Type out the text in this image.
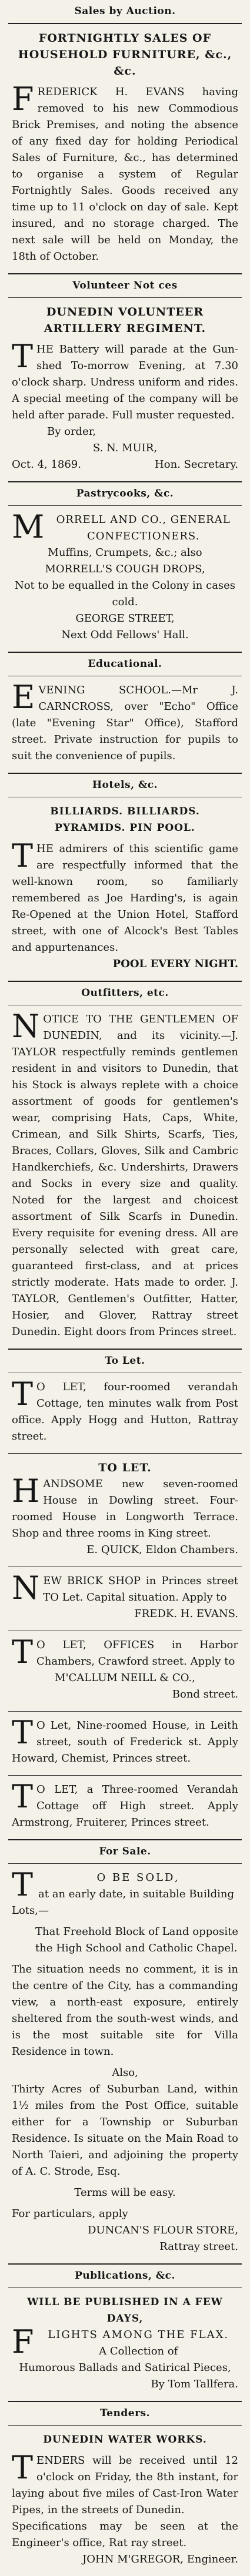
Sales by Auction.
FORTNIGHTLY SALES OF HOUSEHOLD FURNITURE, &c., &c.

FREDERICK H. EVANS having removed to his new Commodious Brick Premises, and noting the absence of any fixed day for holding Periodical Sales of Furniture, &c., has determined to organise a system of Regular Fortnightly Sales. Goods received any time up to 11 o'clock on day of sale. Kept insured, and no storage charged. The next sale will be held on Monday, the 18th of October.

Volunteer Not ces
DUNEDIN VOLUNTEER ARTILLERY REGIMENT.

THE Battery will parade at the Gun-shed To-morrow Evening, at 7.30 o'clock sharp. Undress uniform and rides. A special meeting of the company will be held after parade. Full muster requested.

By order,
S. N. MUIR,
Oct. 4, 1869.	Hon. Secretary.
Pastrycooks, &c.

MORRELL AND CO., GENERAL CONFECTIONERS.

Muffins, Crumpets, &c.; also
MORRELL'S COUGH DROPS,
Not to be equalled in the Colony in cases cold.
GEORGE STREET,
Next Odd Fellows' Hall.
Educational.

EVENING SCHOOL.—Mr J. CARNCROSS, over "Echo" Office (late "Evening Star" Office), Stafford street. Private instruction for pupils to suit the convenience of pupils.

Hotels, &c.
BILLIARDS. BILLIARDS.
PYRAMIDS. PIN POOL.

THE admirers of this scientific game are respectfully informed that the well-known room, so familiarly remembered as Joe Harding's, is again Re-Opened at the Union Hotel, Stafford street, with one of Alcock's Best Tables and appurtenances.

POOL EVERY NIGHT.
Outfitters, etc.

NOTICE TO THE GENTLEMEN OF DUNEDIN, and its vicinity.—J. TAYLOR respectfully reminds gentlemen resident in and visitors to Dunedin, that his Stock is always replete with a choice assortment of goods for gentlemen's wear, comprising Hats, Caps, White, Crimean, and Silk Shirts, Scarfs, Ties, Braces, Collars, Gloves, Silk and Cambric Handkerchiefs, &c. Undershirts, Drawers and Socks in every size and quality. Noted for the largest and choicest assortment of Silk Scarfs in Dunedin. Every requisite for evening dress. All are personally selected with great care, guaranteed first-class, and at prices strictly moderate. Hats made to order. J. TAYLOR, Gentlemen's Outfitter, Hatter, Hosier, and Glover, Rattray street Dunedin. Eight doors from Princes street.

To Let.

TO LET, four-roomed verandah Cottage, ten minutes walk from Post office. Apply Hogg and Hutton, Rattray street.

TO LET.

HANDSOME new seven-roomed House in Dowling street. Four-roomed House in Longworth Terrace. Shop and three rooms in King street.

E. QUICK, Eldon Chambers.

NEW BRICK SHOP in Princes street TO Let. Capital situation. Apply to

FREDK. H. EVANS.

TO LET, OFFICES in Harbor Chambers, Crawford street. Apply to

M'CALLUM NEILL & CO.,
Bond street.

TO Let, Nine-roomed House, in Leith street, south of Frederick st. Apply Howard, Chemist, Princes street.

TO LET, a Three-roomed Verandah Cottage off High street. Apply Armstrong, Fruiterer, Princes street.

For Sale.

TO BE SOLD,

at an early date, in suitable Building Lots,—

That Freehold Block of Land opposite the High School and Catholic Chapel.

The situation needs no comment, it is in the centre of the City, has a commanding view, a north-east exposure, entirely sheltered from the south-west winds, and is the most suitable site for Villa Residence in town.

Also,

Thirty Acres of Suburban Land, within 1½ miles from the Post Office, suitable either for a Township or Suburban Residence. Is situate on the Main Road to North Taieri, and adjoining the property of A. C. Strode, Esq.

Terms will be easy.
For particulars, apply
DUNCAN'S FLOUR STORE,
Rattray street.
Publications, &c.
WILL BE PUBLISHED IN A FEW DAYS,

FLIGHTS AMONG THE FLAX.

A Collection of
Humorous Ballads and Satirical Pieces,
By Tom Tallfera.
Tenders.
DUNEDIN WATER WORKS.

TENDERS will be received until 12 o'clock on Friday, the 8th instant, for laying about five miles of Cast-Iron Water Pipes, in the streets of Dunedin.

Specifications may be seen at the Engineer's office, Rat ray street.

JOHN M'GREGOR, Engineer.
